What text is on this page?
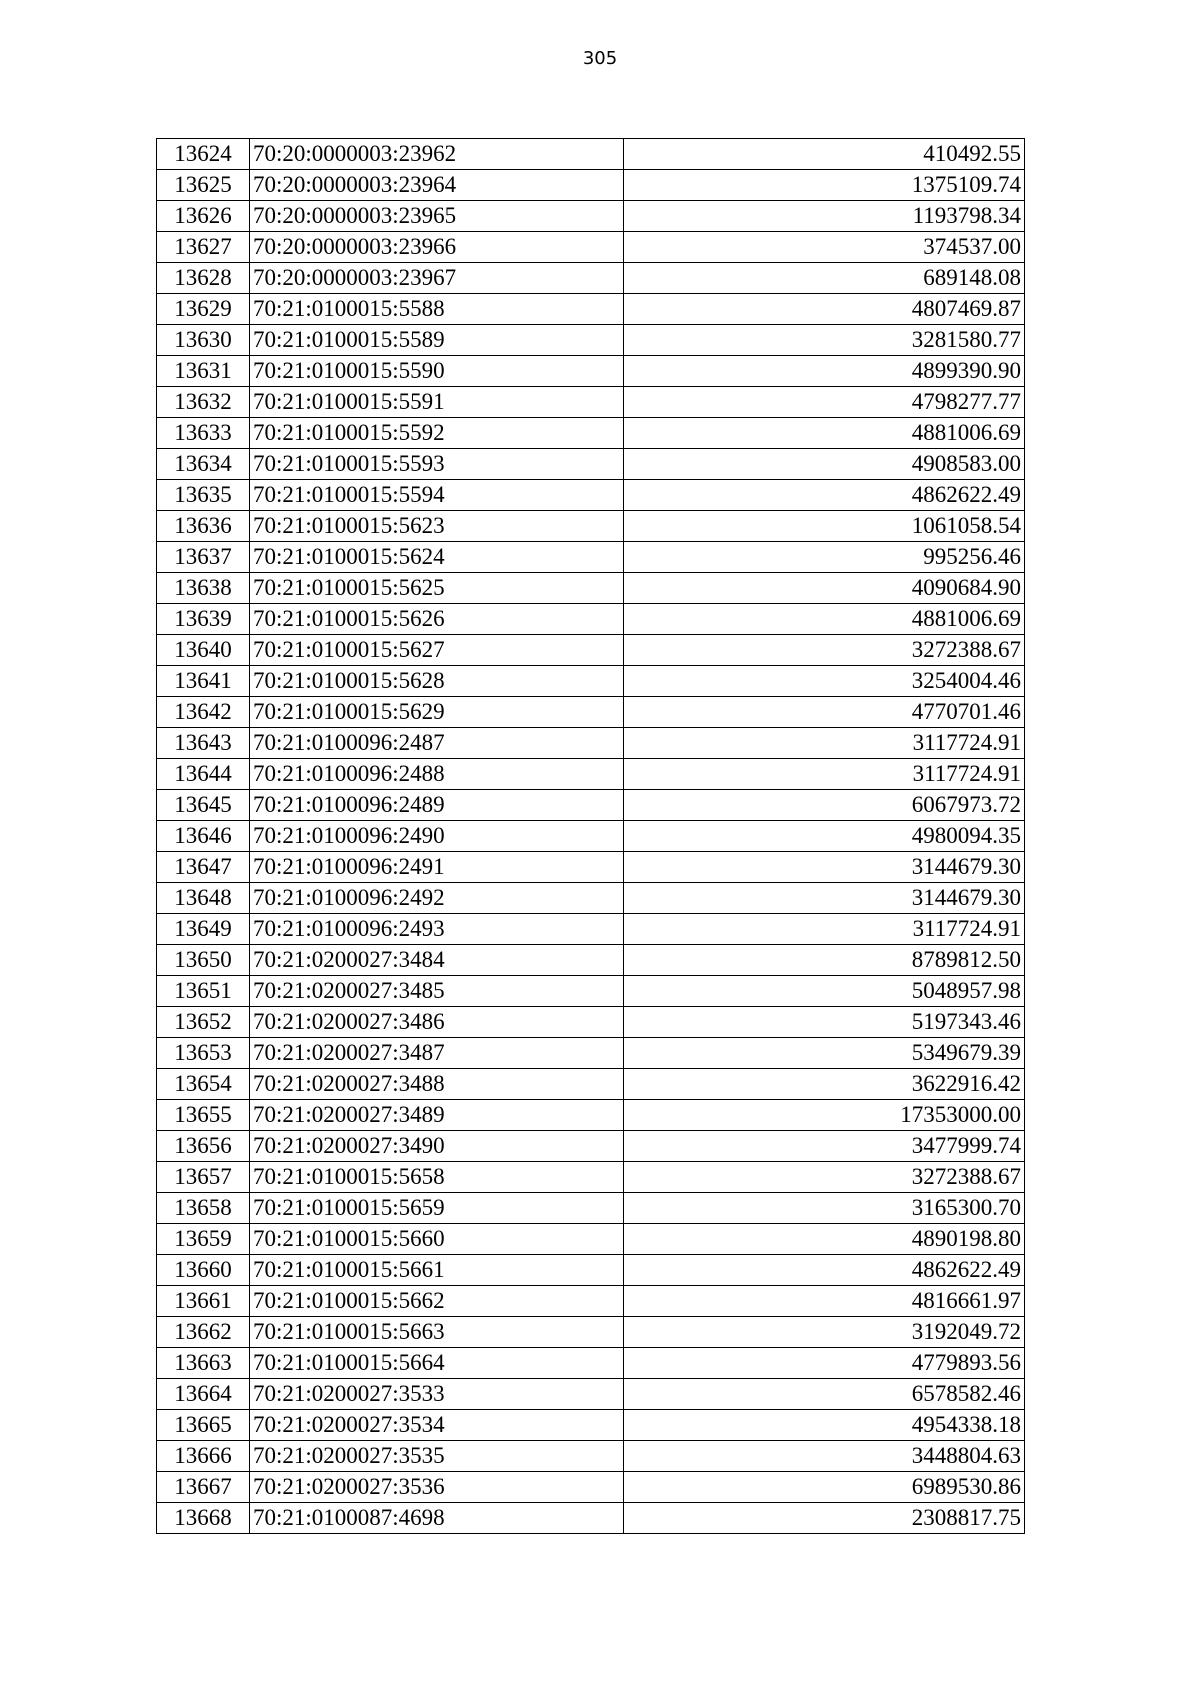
305
13624	70:20:0000003:23962	410492.55
13625	70:20:0000003:23964	1375109.74
13626	70:20:0000003:23965	1193798.34
13627	70:20:0000003:23966	374537.00
13628	70:20:0000003:23967	689148.08
13629	70:21:0100015:5588	4807469.87
13630	70:21:0100015:5589	3281580.77
13631	70:21:0100015:5590	4899390.90
13632	70:21:0100015:5591	4798277.77
13633	70:21:0100015:5592	4881006.69
13634	70:21:0100015:5593	4908583.00
13635	70:21:0100015:5594	4862622.49
13636	70:21:0100015:5623	1061058.54
13637	70:21:0100015:5624	995256.46
13638	70:21:0100015:5625	4090684.90
13639	70:21:0100015:5626	4881006.69
13640	70:21:0100015:5627	3272388.67
13641	70:21:0100015:5628	3254004.46
13642	70:21:0100015:5629	4770701.46
13643	70:21:0100096:2487	3117724.91
13644	70:21:0100096:2488	3117724.91
13645	70:21:0100096:2489	6067973.72
13646	70:21:0100096:2490	4980094.35
13647	70:21:0100096:2491	3144679.30
13648	70:21:0100096:2492	3144679.30
13649	70:21:0100096:2493	3117724.91
13650	70:21:0200027:3484	8789812.50
13651	70:21:0200027:3485	5048957.98
13652	70:21:0200027:3486	5197343.46
13653	70:21:0200027:3487	5349679.39
13654	70:21:0200027:3488	3622916.42
13655	70:21:0200027:3489	17353000.00
13656	70:21:0200027:3490	3477999.74
13657	70:21:0100015:5658	3272388.67
13658	70:21:0100015:5659	3165300.70
13659	70:21:0100015:5660	4890198.80
13660	70:21:0100015:5661	4862622.49
13661	70:21:0100015:5662	4816661.97
13662	70:21:0100015:5663	3192049.72
13663	70:21:0100015:5664	4779893.56
13664	70:21:0200027:3533	6578582.46
13665	70:21:0200027:3534	4954338.18
13666	70:21:0200027:3535	3448804.63
13667	70:21:0200027:3536	6989530.86
13668	70:21:0100087:4698	2308817.75
